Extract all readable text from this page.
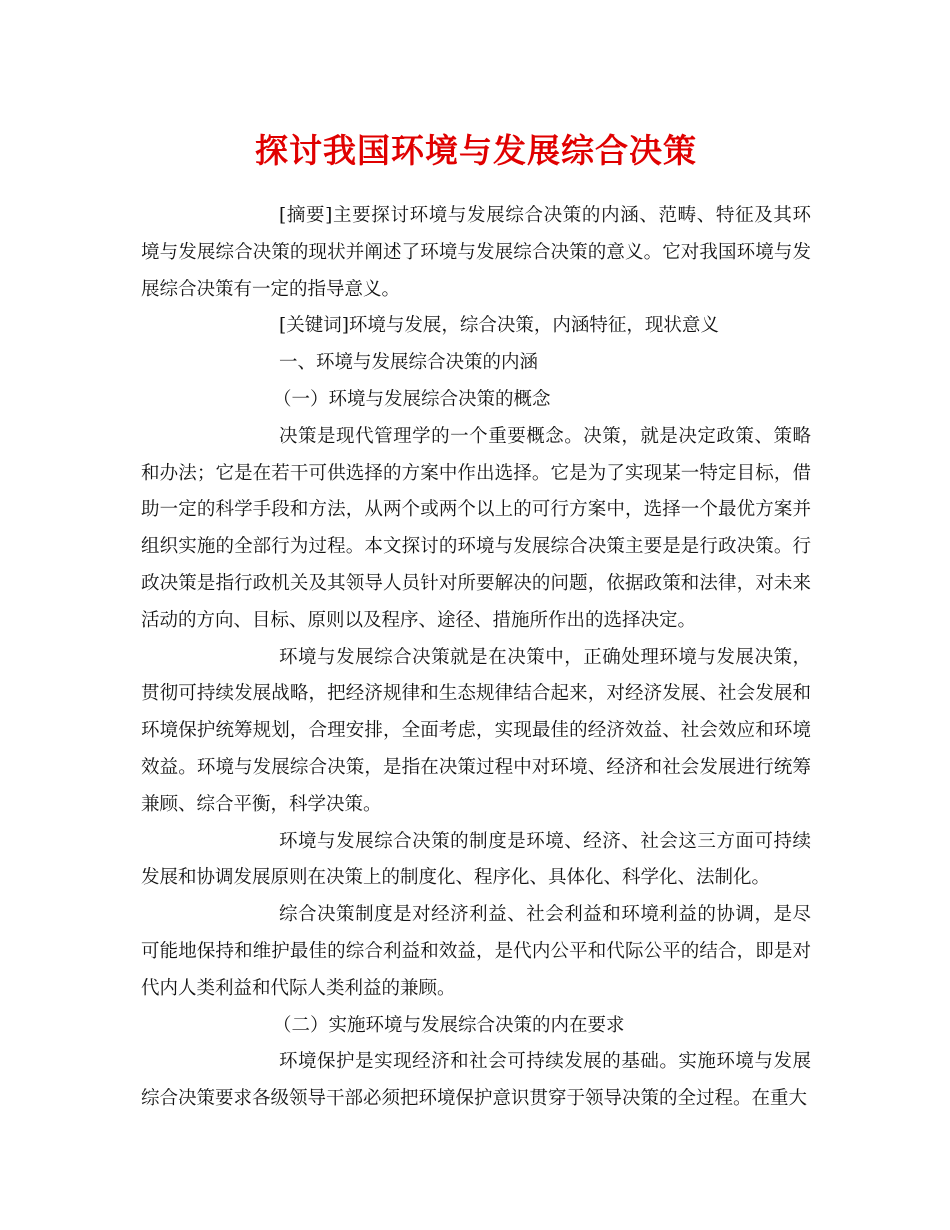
探讨我国环境与发展综合决策

[摘要]主要探讨环境与发展综合决策的内涵、范畴、特征及其环境与发展综合决策的现状并阐述了环境与发展综合决策的意义。它对我国环境与发展综合决策有一定的指导意义。

[关键词]环境与发展，综合决策，内涵特征，现状意义

一、环境与发展综合决策的内涵

（一）环境与发展综合决策的概念

决策是现代管理学的一个重要概念。决策，就是决定政策、策略和办法；它是在若干可供选择的方案中作出选择。它是为了实现某一特定目标，借助一定的科学手段和方法，从两个或两个以上的可行方案中，选择一个最优方案并组织实施的全部行为过程。本文探讨的环境与发展综合决策主要是是行政决策。行政决策是指行政机关及其领导人员针对所要解决的问题，依据政策和法律，对未来活动的方向、目标、原则以及程序、途径、措施所作出的选择决定。

环境与发展综合决策就是在决策中，正确处理环境与发展决策，贯彻可持续发展战略，把经济规律和生态规律结合起来，对经济发展、社会发展和环境保护统筹规划，合理安排，全面考虑，实现最佳的经济效益、社会效应和环境效益。环境与发展综合决策，是指在决策过程中对环境、经济和社会发展进行统筹兼顾、综合平衡，科学决策。

环境与发展综合决策的制度是环境、经济、社会这三方面可持续发展和协调发展原则在决策上的制度化、程序化、具体化、科学化、法制化。

综合决策制度是对经济利益、社会利益和环境利益的协调，是尽可能地保持和维护最佳的综合利益和效益，是代内公平和代际公平的结合，即是对代内人类利益和代际人类利益的兼顾。

（二）实施环境与发展综合决策的内在要求

环境保护是实现经济和社会可持续发展的基础。实施环境与发展综合决策要求各级领导干部必须把环境保护意识贯穿于领导决策的全过程。在重大
